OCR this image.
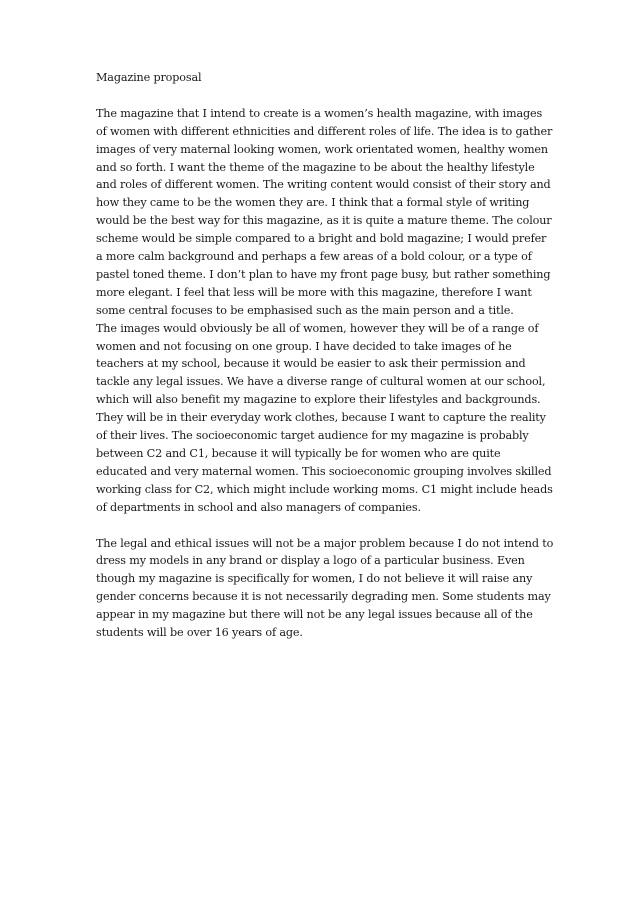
Magazine proposal

The magazine that I intend to create is a women’s health magazine, with images of women with different ethnicities and different roles of life. The idea is to gather images of very maternal looking women, work orientated women, healthy women and so forth. I want the theme of the magazine to be about the healthy lifestyle and roles of different women. The writing content would consist of their story and how they came to be the women they are. I think that a formal style of writing would be the best way for this magazine, as it is quite a mature theme. The colour scheme would be simple compared to a bright and bold magazine; I would prefer a more calm background and perhaps a few areas of a bold colour, or a type of pastel toned theme. I don’t plan to have my front page busy, but rather something more elegant. I feel that less will be more with this magazine, therefore I want some central focuses to be emphasised such as the main person and a title.

The images would obviously be all of women, however they will be of a range of women and not focusing on one group. I have decided to take images of he teachers at my school, because it would be easier to ask their permission and tackle any legal issues. We have a diverse range of cultural women at our school, which will also benefit my magazine to explore their lifestyles and backgrounds. They will be in their everyday work clothes, because I want to capture the reality of their lives. The socioeconomic target audience for my magazine is probably between C2 and C1, because it will typically be for women who are quite educated and very maternal women. This socioeconomic grouping involves skilled working class for C2, which might include working moms. C1 might include heads of departments in school and also managers of companies.

The legal and ethical issues will not be a major problem because I do not intend to dress my models in any brand or display a logo of a particular business. Even though my magazine is specifically for women, I do not believe it will raise any gender concerns because it is not necessarily degrading men. Some students may appear in my magazine but there will not be any legal issues because all of the students will be over 16 years of age.
